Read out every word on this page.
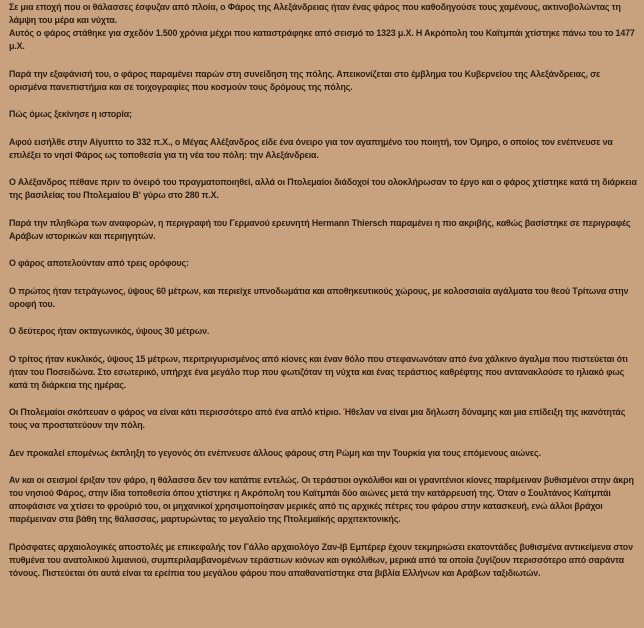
Σε μια εποχή που οι θάλασσες έσφυζαν από πλοία, ο Φάρος της Αλεξάνδρειας ήταν ένας φάρος που καθοδηγούσε τους χαμένους, ακτινοβολώντας τη λάμψη του μέρα και νύχτα.

Αυτός ο φάρος στάθηκε για σχεδόν 1.500 χρόνια μέχρι που καταστράφηκε από σεισμό το 1323 μ.Χ. Η Ακρόπολη του Καϊτμπάι χτίστηκε πάνω του το 1477 μ.Χ.

Παρά την εξαφάνισή του, ο φάρος παραμένει παρών στη συνείδηση της πόλης. Απεικονίζεται στο έμβλημα του Κυβερνείου της Αλεξάνδρειας, σε ορισμένα πανεπιστήμια και σε τοιχογραφίες που κοσμούν τους δρόμους της πόλης.

Πώς όμως ξεκίνησε η ιστορία;

Αφού εισήλθε στην Αίγυπτο το 332 π.Χ., ο Μέγας Αλέξανδρος είδε ένα όνειρο για τον αγαπημένο του ποιητή, τον Όμηρο, ο οποίος τον ενέπνευσε να επιλέξει το νησί Φάρος ως τοποθεσία για τη νέα του πόλη: την Αλεξάνδρεια.

Ο Αλέξανδρος πέθανε πριν το όνειρό του πραγματοποιηθεί, αλλά οι Πτολεμαίοι διάδοχοί του ολοκλήρωσαν το έργο και ο φάρος χτίστηκε κατά τη διάρκεια της βασιλείας του Πτολεμαίου Β' γύρω στο 280 π.Χ.

Παρά την πληθώρα των αναφορών, η περιγραφή του Γερμανού ερευνητή Hermann Thiersch παραμένει η πιο ακριβής, καθώς βασίστηκε σε περιγραφές Αράβων ιστορικών και περιηγητών.

Ο φάρος αποτελούνταν από τρεις ορόφους:

Ο πρώτος ήταν τετράγωνος, ύψους 60 μέτρων, και περιείχε υπνοδωμάτια και αποθηκευτικούς χώρους, με κολοσσιαία αγάλματα του θεού Τρίτωνα στην οροφή του.

Ο δεύτερος ήταν οκταγωνικός, ύψους 30 μέτρων.

Ο τρίτος ήταν κυκλικός, ύψους 15 μέτρων, περιτριγυρισμένος από κίονες και έναν θόλο που στεφανωνόταν από ένα χάλκινο άγαλμα που πιστεύεται ότι ήταν του Ποσειδώνα. Στο εσωτερικό, υπήρχε ένα μεγάλο πυρ που φωτιζόταν τη νύχτα και ένας τεράστιος καθρέφτης που αντανακλούσε το ηλιακό φως κατά τη διάρκεια της ημέρας.

Οι Πτολεμαίοι σκόπευαν ο φάρος να είναι κάτι περισσότερο από ένα απλό κτίριο. Ήθελαν να είναι μια δήλωση δύναμης και μια επίδειξη της ικανότητάς τους να προστατεύουν την πόλη.

Δεν προκαλεί επομένως έκπληξη το γεγονός ότι ενέπνευσε άλλους φάρους στη Ρώμη και την Τουρκία για τους επόμενους αιώνες.

Αν και οι σεισμοί έριξαν τον φάρο, η θάλασσα δεν τον κατάπιε εντελώς. Οι τεράστιοι ογκόλιθοι και οι γρανιτένιοι κίονες παρέμειναν βυθισμένοι στην άκρη του νησιού Φάρος, στην ίδια τοποθεσία όπου χτίστηκε η Ακρόπολη του Καϊτμπάι δύο αιώνες μετά την κατάρρευσή της. Όταν ο Σουλτάνος Καϊτμπάι αποφάσισε να χτίσει το φρούριό του, οι μηχανικοί χρησιμοποίησαν μερικές από τις αρχικές πέτρες του φάρου στην κατασκευή, ενώ άλλοι βράχοι παρέμειναν στα βάθη της θάλασσας, μαρτυρώντας το μεγαλείο της Πτολεμαϊκής αρχιτεκτονικής.

Πρόσφατες αρχαιολογικές αποστολές με επικεφαλής τον Γάλλο αρχαιολόγο Ζαν-Ιβ Εμπέρερ έχουν τεκμηριώσει εκατοντάδες βυθισμένα αντικείμενα στον πυθμένα του ανατολικού λιμανιού, συμπεριλαμβανομένων τεράστιων κιόνων και ογκόλιθων, μερικά από τα οποία ζυγίζουν περισσότερο από σαράντα τόνους. Πιστεύεται ότι αυτά είναι τα ερείπια του μεγάλου φάρου που απαθανατίστηκε στα βιβλία Ελλήνων και Αράβων ταξιδιωτών.
